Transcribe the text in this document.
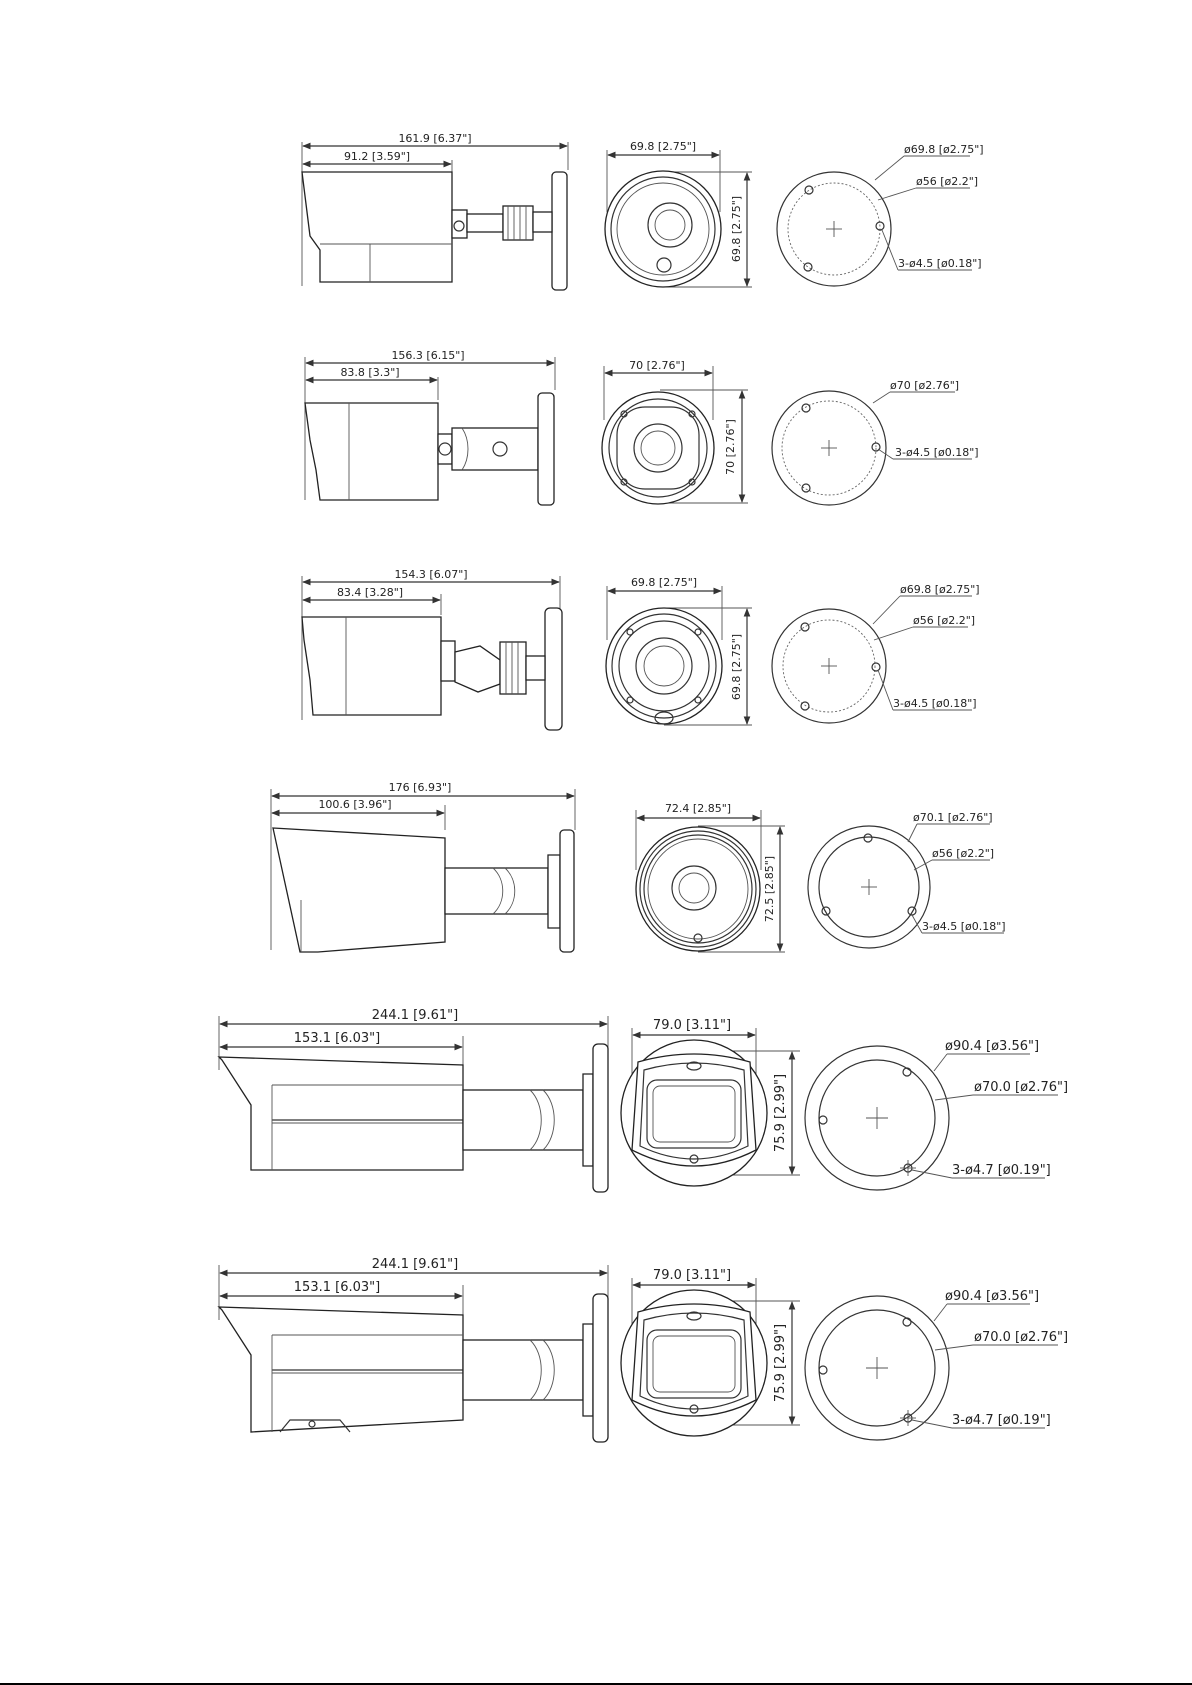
161.9 [6.37"]
91.2 [3.59"]
69.8 [2.75"]
69.8 [2.75"]
ø69.8 [ø2.75"]
ø56 [ø2.2"]
3-ø4.5 [ø0.18"]
156.3 [6.15"]
83.8 [3.3"]
70 [2.76"]
70 [2.76"]
ø70 [ø2.76"]
3-ø4.5 [ø0.18"]
154.3 [6.07"]
83.4 [3.28"]
69.8 [2.75"]
69.8 [2.75"]
ø69.8 [ø2.75"]
ø56 [ø2.2"]
3-ø4.5 [ø0.18"]
176 [6.93"]
100.6 [3.96"]	72.4 [2.85"]
72.5 [2.85"]
ø70.1 [ø2.76"]
ø56 [ø2.2"]
3-ø4.5 [ø0.18"]
244.1 [9.61"]
153.1 [6.03"]
79.0 [3.11"]
75.9 [2.99"]
ø90.4 [ø3.56"]
ø70.0 [ø2.76"]
3-ø4.7 [ø0.19"]
244.1 [9.61"]
153.1 [6.03"]
79.0 [3.11"]
75.9 [2.99"]
ø90.4 [ø3.56"]
ø70.0 [ø2.76"]
3-ø4.7 [ø0.19"]
